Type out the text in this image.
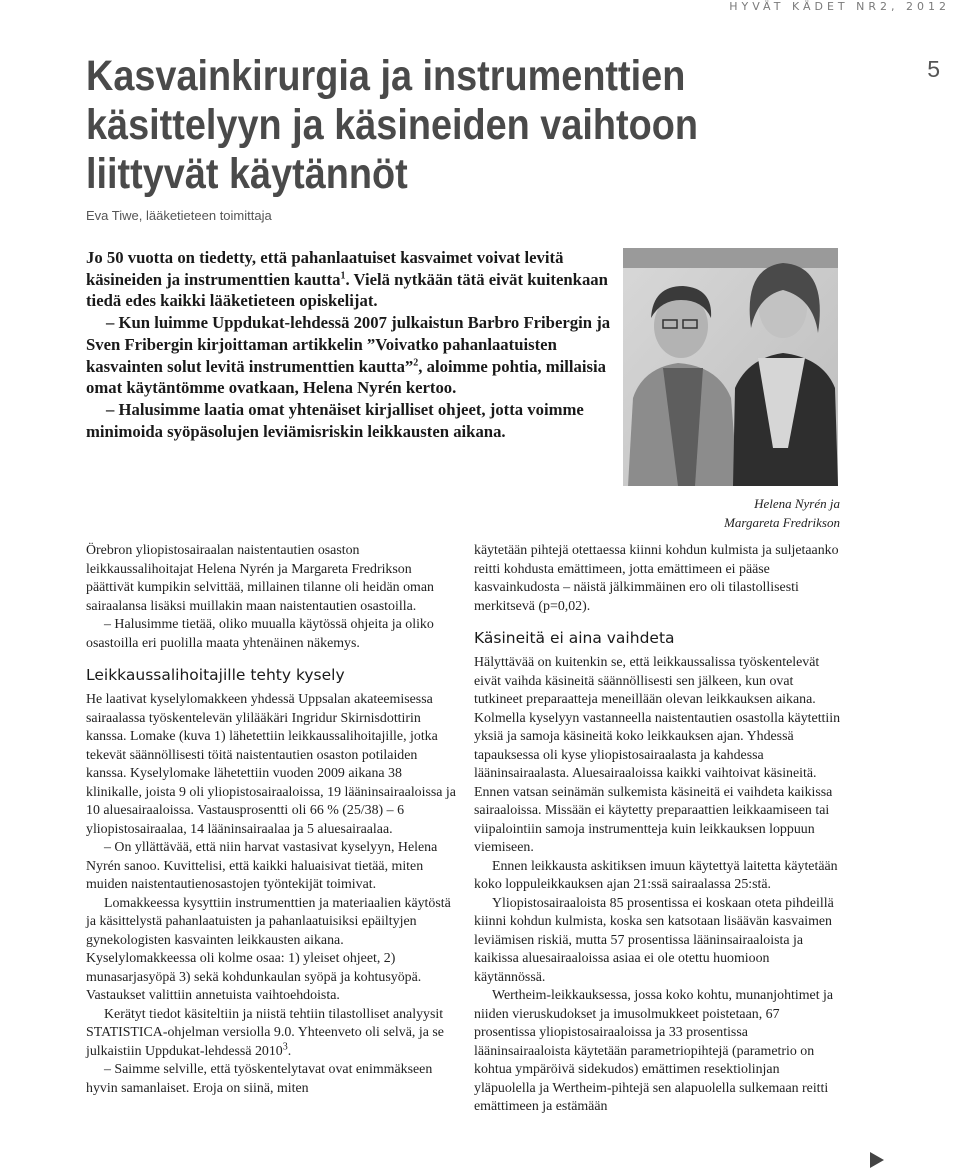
HYVÄT KÄDET NR2, 2012
5
Kasvainkirurgia ja instrumenttien käsittelyyn ja käsineiden vaihtoon liittyvät käytännöt
Eva Tiwe, lääketieteen toimittaja

Jo 50 vuotta on tiedetty, että pahanlaatuiset kasvaimet voivat levitä käsineiden ja instrumenttien kautta$^1$. Vielä nytkään tätä eivät kuitenkaan tiedä edes kaikki lääketieteen opiskelijat.

– Kun luimme Uppdukat-lehdessä 2007 julkaistun Barbro Fribergin ja Sven Fribergin kirjoittaman artikkelin ”Voivatko pahanlaatuisten kasvainten solut levitä instrumenttien kautta”$^2$, aloimme pohtia, millaisia omat käytäntömme ovatkaan, Helena Nyrén kertoo.

– Halusimme laatia omat yhtenäiset kirjalliset ohjeet, jotta voimme minimoida syöpäsolujen leviämisriskin leikkausten aikana.

Helena Nyrén ja
Margareta Fredrikson

Örebron yliopistosairaalan naistentautien osaston leikkaussalihoitajat Helena Nyrén ja Margareta Fredrikson päättivät kumpikin selvittää, millainen tilanne oli heidän oman sairaalansa lisäksi muillakin maan naistentautien osastoilla.

– Halusimme tietää, oliko muualla käytössä ohjeita ja oliko osastoilla eri puolilla maata yhtenäinen näkemys.

Leikkaussalihoitajille tehty kysely

He laativat kyselylomakkeen yhdessä Uppsalan akateemisessa sairaalassa työskentelevän ylilääkäri Ingridur Skirnisdottirin kanssa. Lomake (kuva 1) lähetettiin leikkaussalihoitajille, jotka tekevät säännöllisesti töitä naistentautien osaston potilaiden kanssa. Kyselylomake lähetettiin vuoden 2009 aikana 38 klinikalle, joista 9 oli yliopistosairaaloissa, 19 lääninsairaaloissa ja 10 aluesairaaloissa. Vastausprosentti oli 66 % (25/38) – 6 yliopistosairaalaa, 14 lääninsairaalaa ja 5 aluesairaalaa.

– On yllättävää, että niin harvat vastasivat kyselyyn, Helena Nyrén sanoo. Kuvittelisi, että kaikki haluaisivat tietää, miten muiden naistentautienosastojen työntekijät toimivat.

Lomakkeessa kysyttiin instrumenttien ja materiaalien käytöstä ja käsittelystä pahanlaatuisten ja pahanlaatuisiksi epäiltyjen gynekologisten kasvainten leikkausten aikana. Kyselylomakkeessa oli kolme osaa: 1) yleiset ohjeet, 2) munasarjasyöpä 3) sekä kohdunkaulan syöpä ja kohtusyöpä. Vastaukset valittiin annetuista vaihtoehdoista.

Kerätyt tiedot käsiteltiin ja niistä tehtiin tilastolliset analyysit STATISTICA-ohjelman versiolla 9.0. Yhteenveto oli selvä, ja se julkaistiin Uppdukat-lehdessä 2010$^3$.

– Saimme selville, että työskentelytavat ovat enimmäkseen hyvin samanlaiset. Eroja on siinä, miten

käytetään pihtejä otettaessa kiinni kohdun kulmista ja suljetaanko reitti kohdusta emättimeen, jotta emättimeen ei pääse kasvainkudosta – näistä jälkimmäinen ero oli tilastollisesti merkitsevä (p=0,02).

Käsineitä ei aina vaihdeta

Hälyttävää on kuitenkin se, että leikkaussalissa työskentelevät eivät vaihda käsineitä säännöllisesti sen jälkeen, kun ovat tutkineet preparaatteja meneillään olevan leikkauksen aikana. Kolmella kyselyyn vastanneella naistentautien osastolla käytettiin yksiä ja samoja käsineitä koko leikkauksen ajan. Yhdessä tapauksessa oli kyse yliopistosairaalasta ja kahdessa lääninsairaalasta. Aluesairaaloissa kaikki vaihtoivat käsineitä. Ennen vatsan seinämän sulkemista käsineitä ei vaihdeta kaikissa sairaaloissa. Missään ei käytetty preparaattien leikkaamiseen tai viipalointiin samoja instrumentteja kuin leikkauksen loppuun viemiseen.

Ennen leikkausta askitiksen imuun käytettyä laitetta käytetään koko loppuleikkauksen ajan 21:ssä sairaalassa 25:stä.

Yliopistosairaaloista 85 prosentissa ei koskaan oteta pihdeillä kiinni kohdun kulmista, koska sen katsotaan lisäävän kasvaimen leviämisen riskiä, mutta 57 prosentissa lääninsairaaloista ja kaikissa aluesairaaloissa asiaa ei ole otettu huomioon käytännössä.

Wertheim-leikkauksessa, jossa koko kohtu, munanjohtimet ja niiden vieruskudokset ja imusolmukkeet poistetaan, 67 prosentissa yliopistosairaaloissa ja 33 prosentissa lääninsairaaloista käytetään parametriopihtejä (parametrio on kohtua ympäröivä sidekudos) emättimen resektiolinjan yläpuolella ja Wertheim-pihtejä sen alapuolella sulkemaan reitti emättimeen ja estämään
